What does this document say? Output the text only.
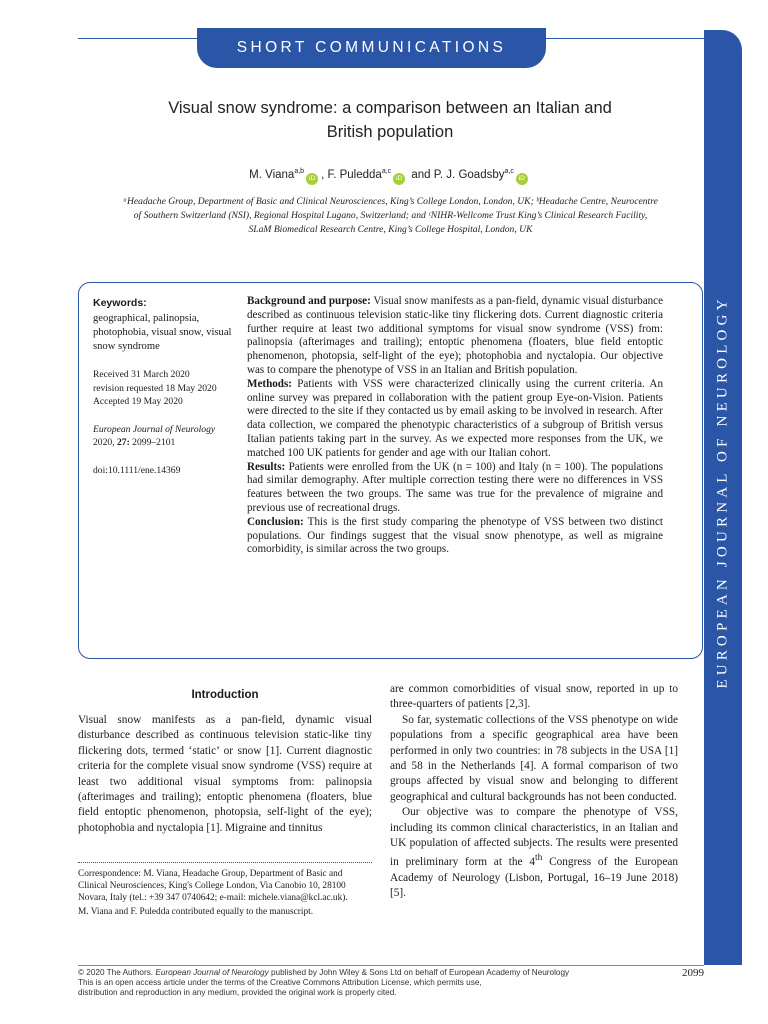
SHORT COMMUNICATIONS
EUROPEAN JOURNAL OF NEUROLOGY
Visual snow syndrome: a comparison between an Italian and
British population
M. Viana$^{a,b}$iD , F. Puledda$^{a,c}$iD and P. J. Goadsby$^{a,c}$iD
ᵃHeadache Group, Department of Basic and Clinical Neurosciences, King’s College London, London, UK; ᵇHeadache Centre, Neurocentre
of Southern Switzerland (NSI), Regional Hospital Lugano, Switzerland; and ᶜNIHR-Wellcome Trust King’s Clinical Research Facility,
SLaM Biomedical Research Centre, King’s College Hospital, London, UK
Keywords:
geographical, palinopsia, photophobia, visual snow, visual snow syndrome
Received 31 March 2020
revision requested 18 May 2020
Accepted 19 May 2020
European Journal of Neurology 2020, 27: 2099–2101
doi:10.1111/ene.14369

Background and purpose: Visual snow manifests as a pan-field, dynamic visual disturbance described as continuous television static-like tiny flickering dots. Current diagnostic criteria further require at least two additional symptoms for visual snow syndrome (VSS) from: palinopsia (afterimages and trailing); entoptic phenomena (floaters, blue field entoptic phenomenon, photopsia, self-light of the eye); photophobia and nyctalopia. Our objective was to compare the phenotype of VSS in an Italian and British population.

Methods: Patients with VSS were characterized clinically using the current criteria. An online survey was prepared in collaboration with the patient group Eye-on-Vision. Patients were directed to the site if they contacted us by email asking to be involved in research. After data collection, we compared the phenotypic characteristics of a subgroup of British versus Italian patients taking part in the survey. As we expected more responses from the UK, we matched 100 UK patients for gender and age with our Italian cohort.

Results: Patients were enrolled from the UK (n = 100) and Italy (n = 100). The populations had similar demography. After multiple correction testing there were no differences in VSS features between the two groups. The same was true for the prevalence of migraine and previous use of recreational drugs.

Conclusion: This is the first study comparing the phenotype of VSS between two distinct populations. Our findings suggest that the visual snow phenotype, as well as migraine comorbidity, is similar across the two groups.

Introduction

Visual snow manifests as a pan-field, dynamic visual disturbance described as continuous television static-like tiny flickering dots, termed ‘static’ or snow [1]. Current diagnostic criteria for the complete visual snow syndrome (VSS) require at least two additional visual symptoms from: palinopsia (afterimages and trailing); entoptic phenomena (floaters, blue field entoptic phenomenon, photopsia, self-light of the eye); photophobia and nyctalopia [1]. Migraine and tinnitus

are common comorbidities of visual snow, reported in up to three-quarters of patients [2,3].

So far, systematic collections of the VSS phenotype on wide populations from a specific geographical area have been performed in only two countries: in 78 subjects in the USA [1] and 58 in the Netherlands [4]. A formal comparison of two groups affected by visual snow and belonging to different geographical and cultural backgrounds has not been conducted.

Our objective was to compare the phenotype of VSS, including its common clinical characteristics, in an Italian and UK population of affected subjects. The results were presented in preliminary form at the 4th Congress of the European Academy of Neurology (Lisbon, Portugal, 16–19 June 2018) [5].

Correspondence: M. Viana, Headache Group, Department of Basic and Clinical Neurosciences, King's College London, Via Canobio 10, 28100 Novara, Italy (tel.: +39 347 0740642; e-mail: michele.viana@kcl.ac.uk).

M. Viana and F. Puledda contributed equally to the manuscript.

© 2020 The Authors. European Journal of Neurology published by John Wiley & Sons Ltd on behalf of European Academy of Neurology

This is an open access article under the terms of the Creative Commons Attribution License, which permits use,

distribution and reproduction in any medium, provided the original work is properly cited.

2099
